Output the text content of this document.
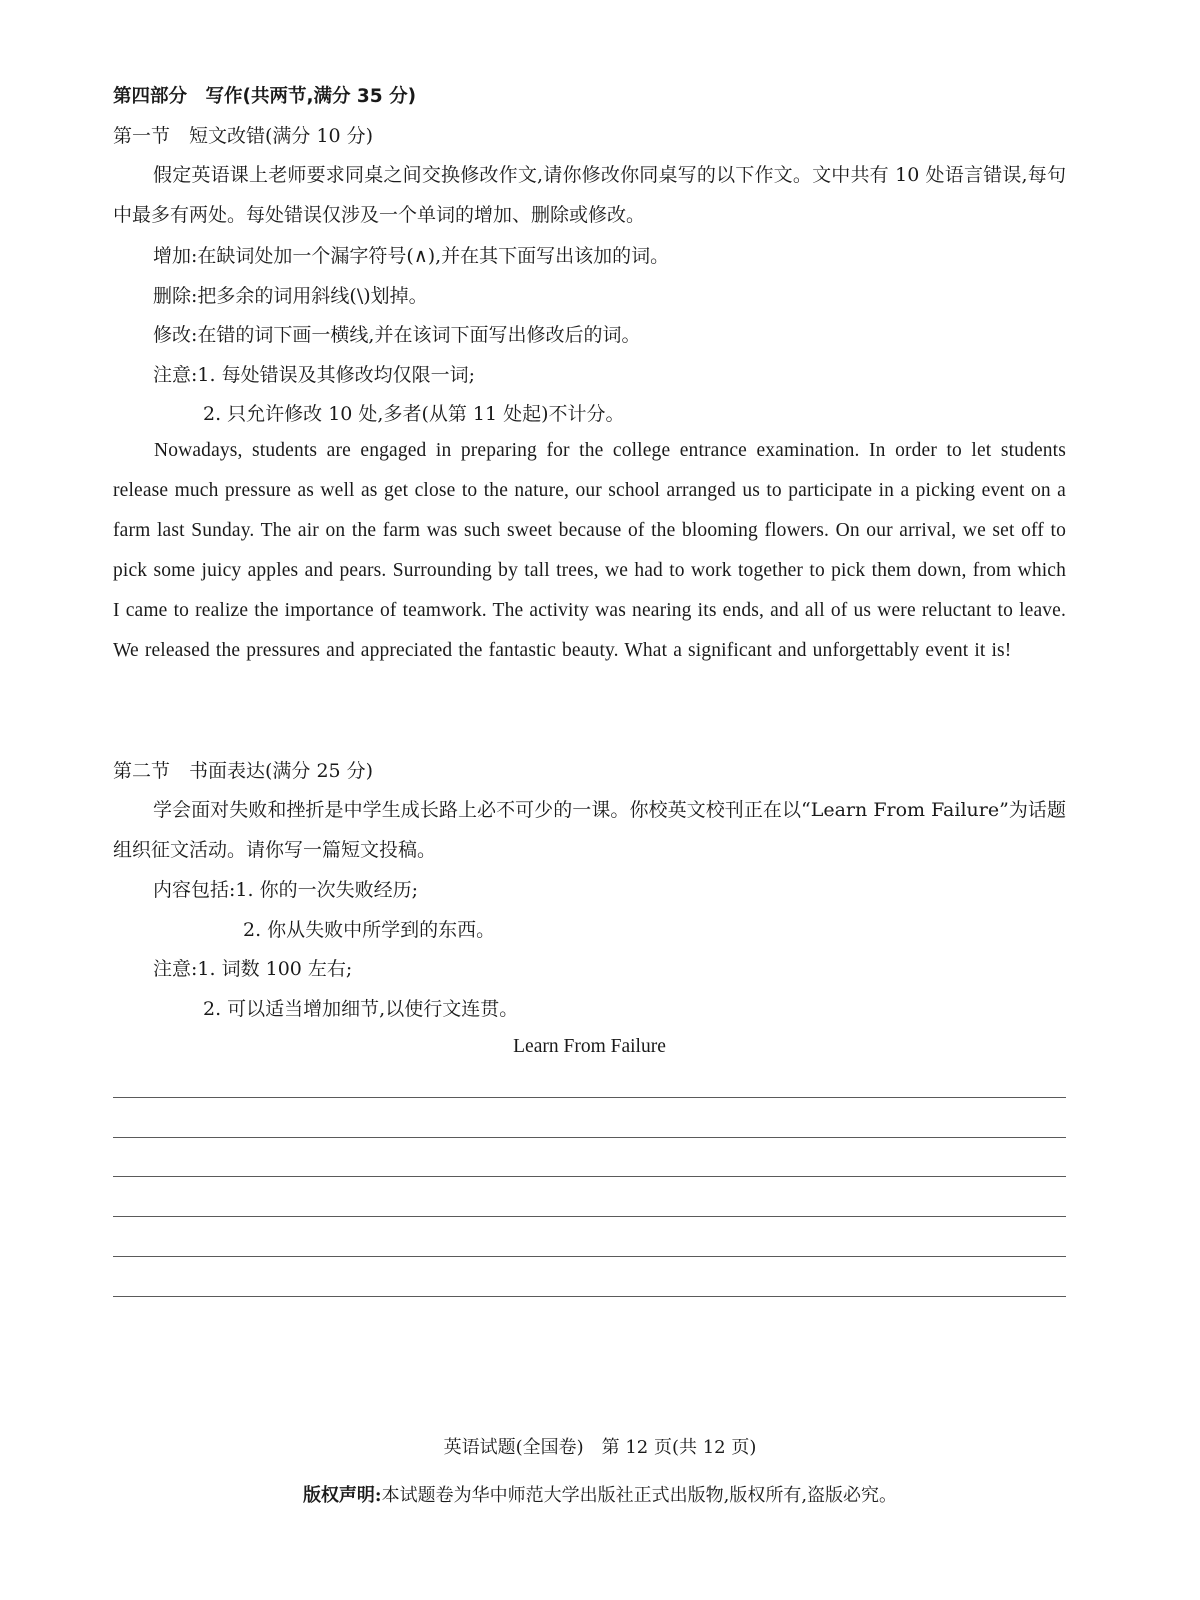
第四部分　写作(共两节,满分 35 分)
第一节　短文改错(满分 10 分)
假定英语课上老师要求同桌之间交换修改作文,请你修改你同桌写的以下作文。文中共有 10 处语言错误,每句中最多有两处。每处错误仅涉及一个单词的增加、删除或修改。
增加:在缺词处加一个漏字符号(∧),并在其下面写出该加的词。
删除:把多余的词用斜线(\)划掉。
修改:在错的词下画一横线,并在该词下面写出修改后的词。
注意:1. 每处错误及其修改均仅限一词;
2. 只允许修改 10 处,多者(从第 11 处起)不计分。
Nowadays, students are engaged in preparing for the college entrance examination. In order to let students release much pressure as well as get close to the nature, our school arranged us to participate in a picking event on a farm last Sunday. The air on the farm was such sweet because of the blooming flowers. On our arrival, we set off to pick some juicy apples and pears. Surrounding by tall trees, we had to work together to pick them down, from which I came to realize the importance of teamwork. The activity was nearing its ends, and all of us were reluctant to leave. We released the pressures and appreciated the fantastic beauty. What a significant and unforgettably event it is!
第二节　书面表达(满分 25 分)
学会面对失败和挫折是中学生成长路上必不可少的一课。你校英文校刊正在以“Learn From Failure”为话题组织征文活动。请你写一篇短文投稿。
内容包括:1. 你的一次失败经历;
2. 你从失败中所学到的东西。
注意:1. 词数 100 左右;
2. 可以适当增加细节,以使行文连贯。
Learn From Failure
英语试题(全国卷)　第 12 页(共 12 页)
版权声明:本试题卷为华中师范大学出版社正式出版物,版权所有,盗版必究。
